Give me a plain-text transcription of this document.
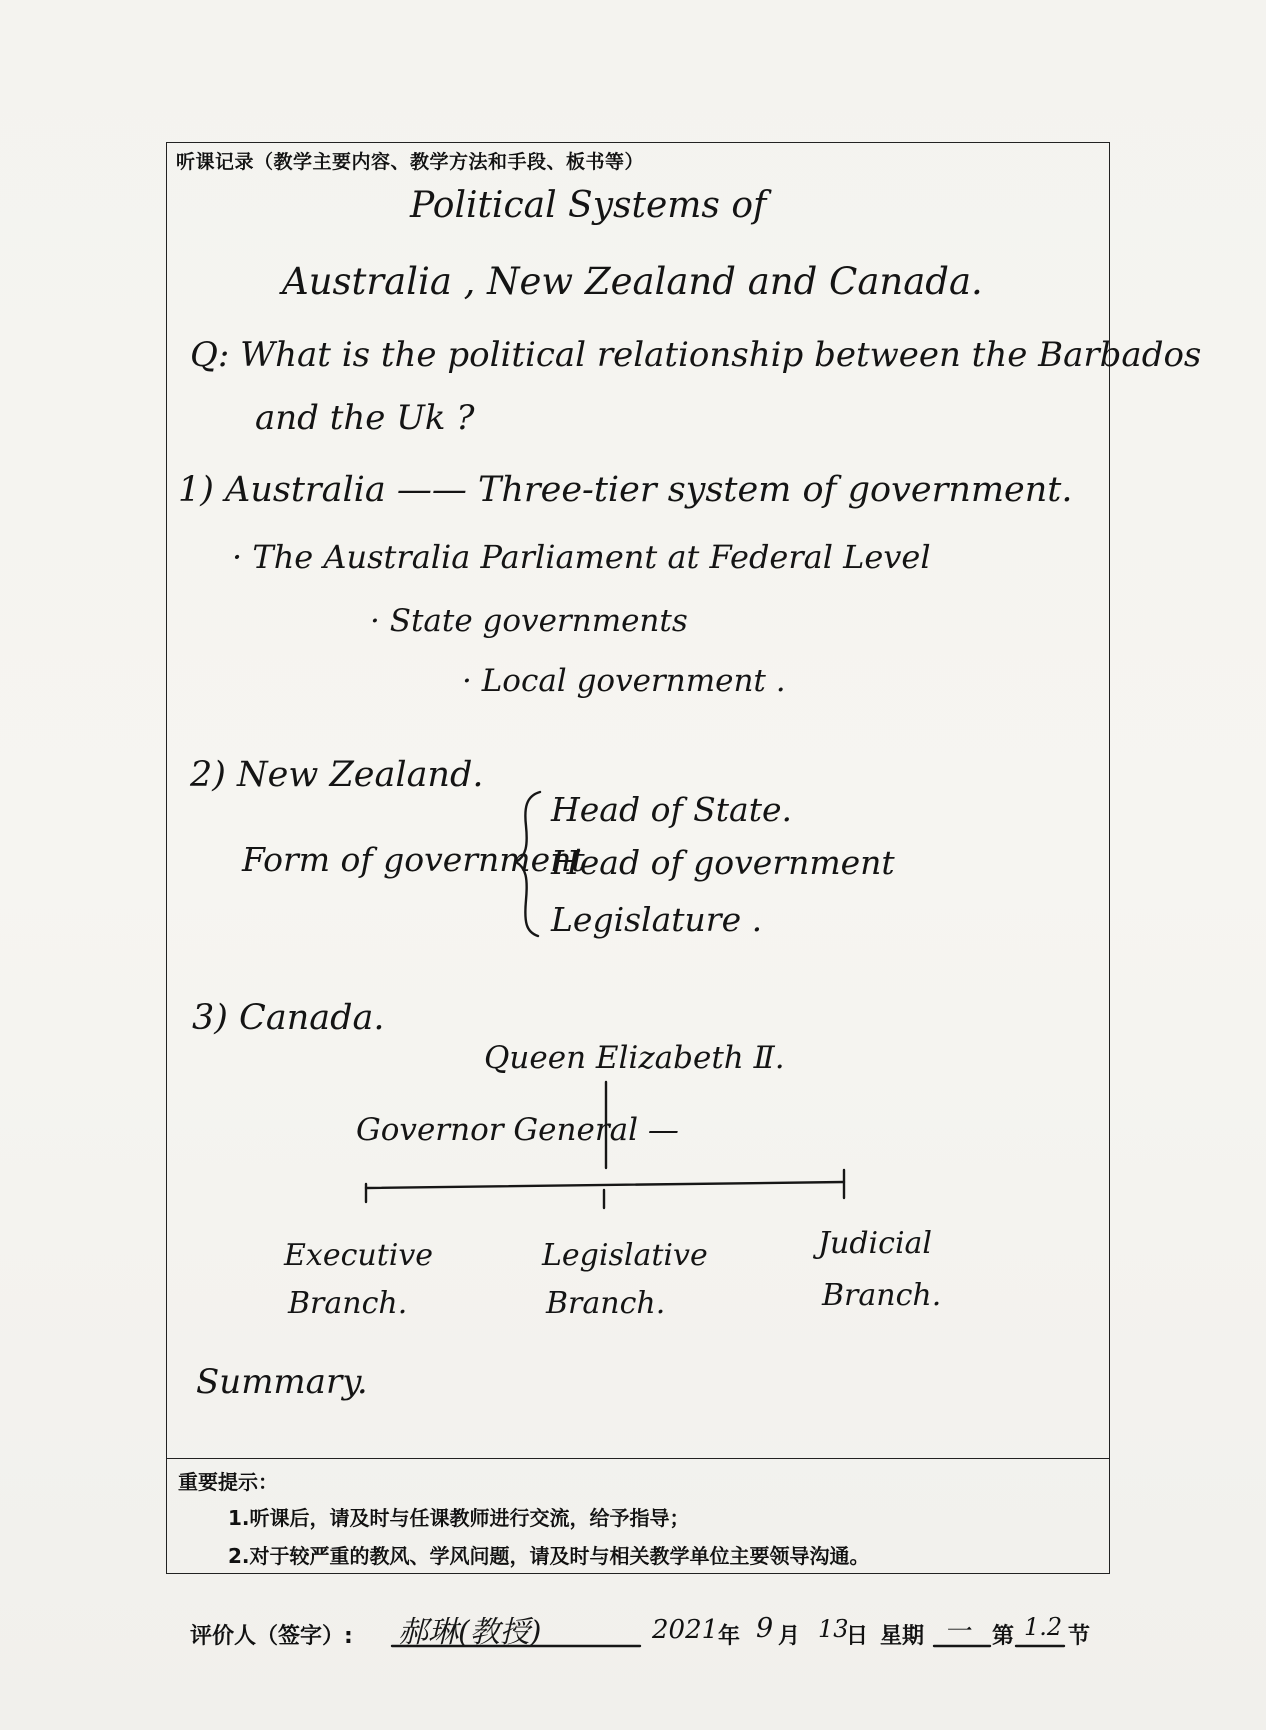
听课记录（教学主要内容、教学方法和手段、板书等）
Political Systems of
Australia , New Zealand and Canada.
Q: What is the political relationship between the Barbados
and the Uk ?
1) Australia —— Three-tier system of government.
· The Australia Parliament at Federal Level
· State governments
· Local government .
2) New Zealand.
Form of government
Head of State.
Head of government
Legislature .
3) Canada.
Queen Elizabeth Ⅱ.
Governor General —
Executive
Branch.
Legislative
Branch.
Judicial
Branch.
Summary.
重要提示：
1.听课后，请及时与任课教师进行交流，给予指导；
2.对于较严重的教风、学风问题，请及时与相关教学单位主要领导沟通。
评价人（签字）: 郝琳(教授)	2021 年 9 月 13
日 星期 一 第 1.2 节
